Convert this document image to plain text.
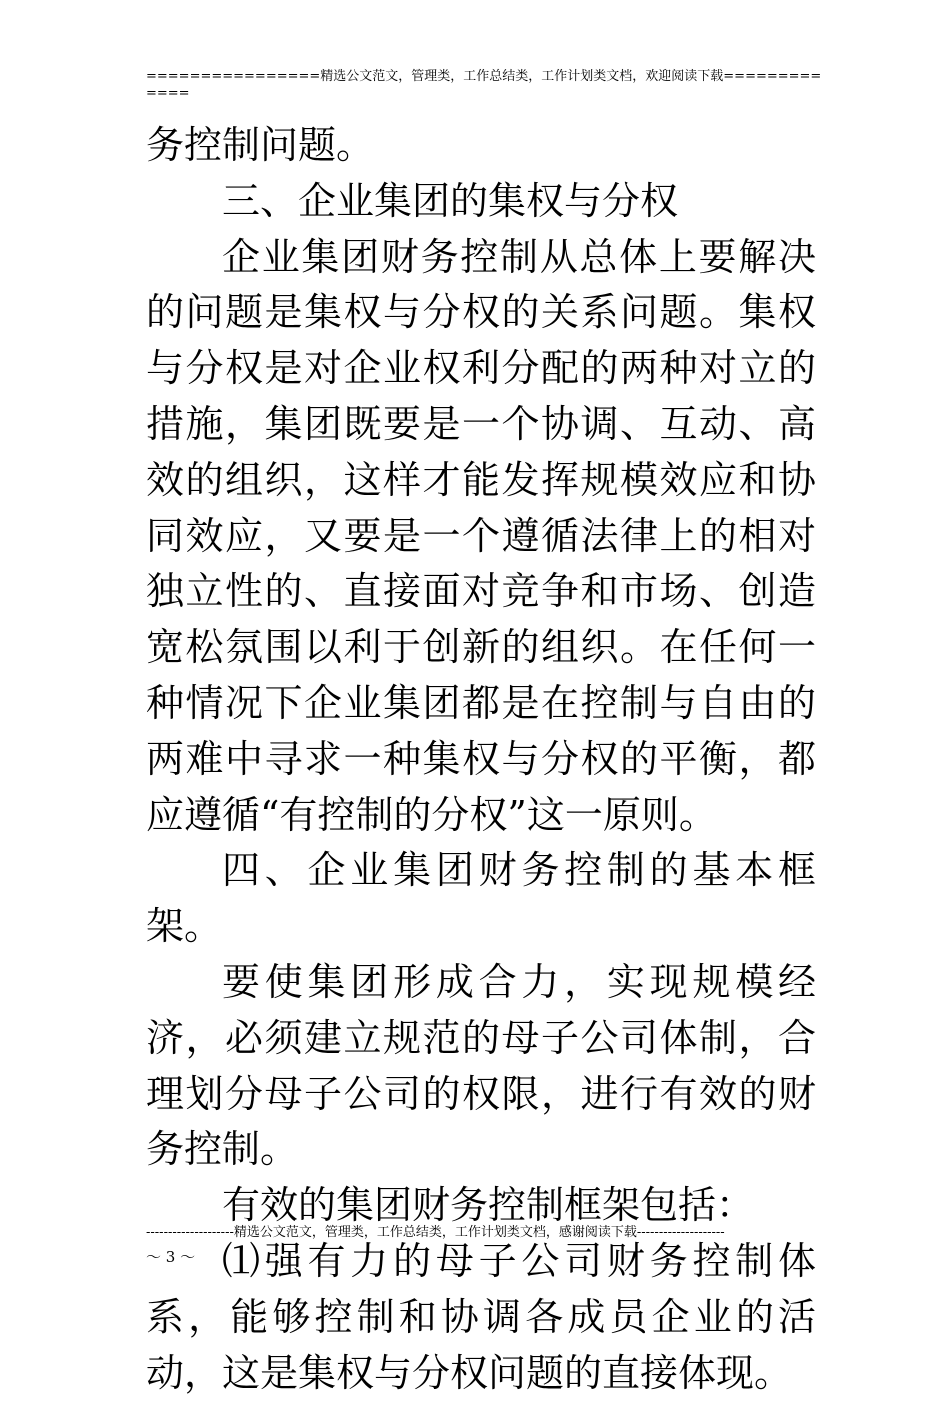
================精选公文范文，管理类，工作总结类，工作计划类文档，欢迎阅读下载=============

务控制问题。

三、企业集团的集权与分权

企业集团财务控制从总体上要解决的问题是集权与分权的关系问题。集权与分权是对企业权利分配的两种对立的措施，集团既要是一个协调、互动、高效的组织，这样才能发挥规模效应和协同效应，又要是一个遵循法律上的相对独立性的、直接面对竞争和市场、创造宽松氛围以利于创新的组织。在任何一种情况下企业集团都是在控制与自由的两难中寻求一种集权与分权的平衡，都应遵循“有控制的分权”这一原则。

四、企业集团财务控制的基本框架。

要使集团形成合力，实现规模经济，必须建立规范的母子公司体制，合理划分母子公司的权限，进行有效的财务控制。

有效的集团财务控制框架包括：

⑴强有力的母子公司财务控制体系，能够控制和协调各成员企业的活动，这是集权与分权问题的直接体现。

--------------------精选公文范文，管理类，工作总结类，工作计划类文档，感谢阅读下载--------------------
～ 3 ～
